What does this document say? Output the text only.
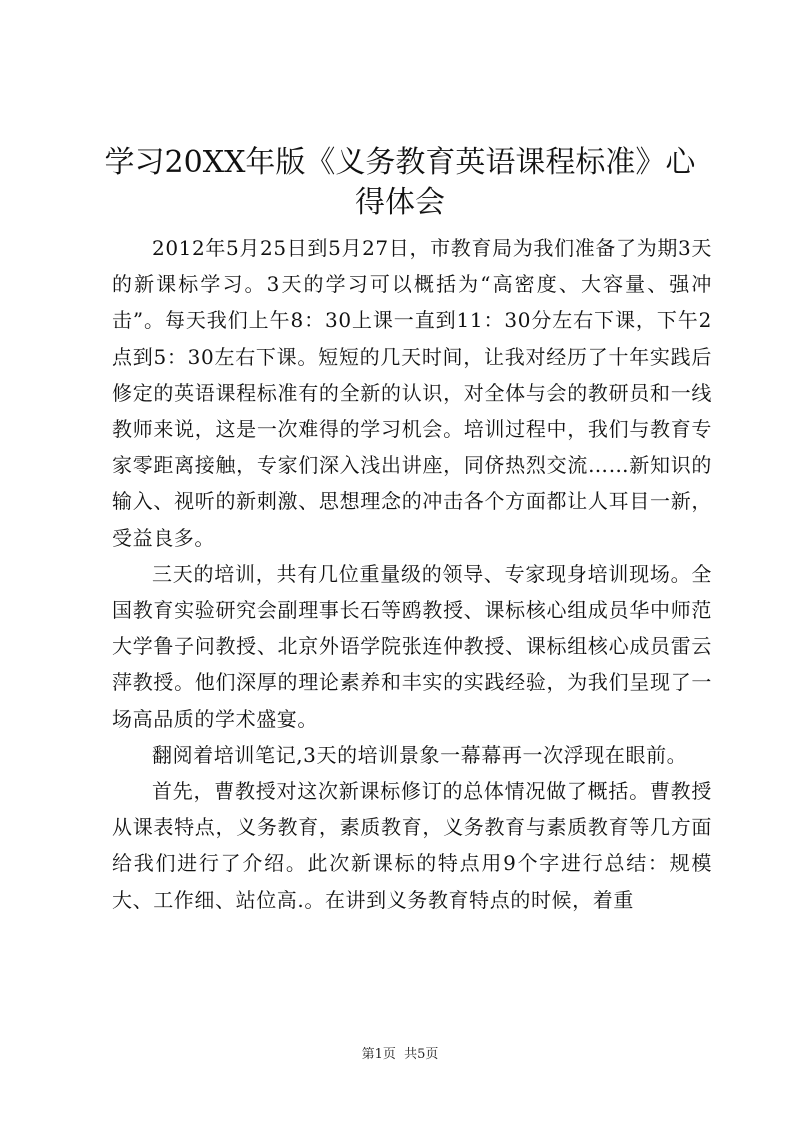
学习20XX年版《义务教育英语课程标准》心得体会

2012年5月25日到5月27日，市教育局为我们准备了为期3天的新课标学习。3天的学习可以概括为“高密度、大容量、强冲击”。每天我们上午8：30上课一直到11：30分左右下课，下午2点到5：30左右下课。短短的几天时间，让我对经历了十年实践后修定的英语课程标准有的全新的认识，对全体与会的教研员和一线教师来说，这是一次难得的学习机会。培训过程中，我们与教育专家零距离接触，专家们深入浅出讲座，同侪热烈交流……新知识的输入、视听的新刺激、思想理念的冲击各个方面都让人耳目一新，受益良多。

三天的培训，共有几位重量级的领导、专家现身培训现场。全国教育实验研究会副理事长石等鸥教授、课标核心组成员华中师范大学鲁子问教授、北京外语学院张连仲教授、课标组核心成员雷云萍教授。他们深厚的理论素养和丰实的实践经验，为我们呈现了一场高品质的学术盛宴。

翻阅着培训笔记,3天的培训景象一幕幕再一次浮现在眼前。

首先，曹教授对这次新课标修订的总体情况做了概括。曹教授从课表特点，义务教育，素质教育，义务教育与素质教育等几方面给我们进行了介绍。此次新课标的特点用9个字进行总结：规模大、工作细、站位高.。在讲到义务教育特点的时候，着重

第1页 共5页
